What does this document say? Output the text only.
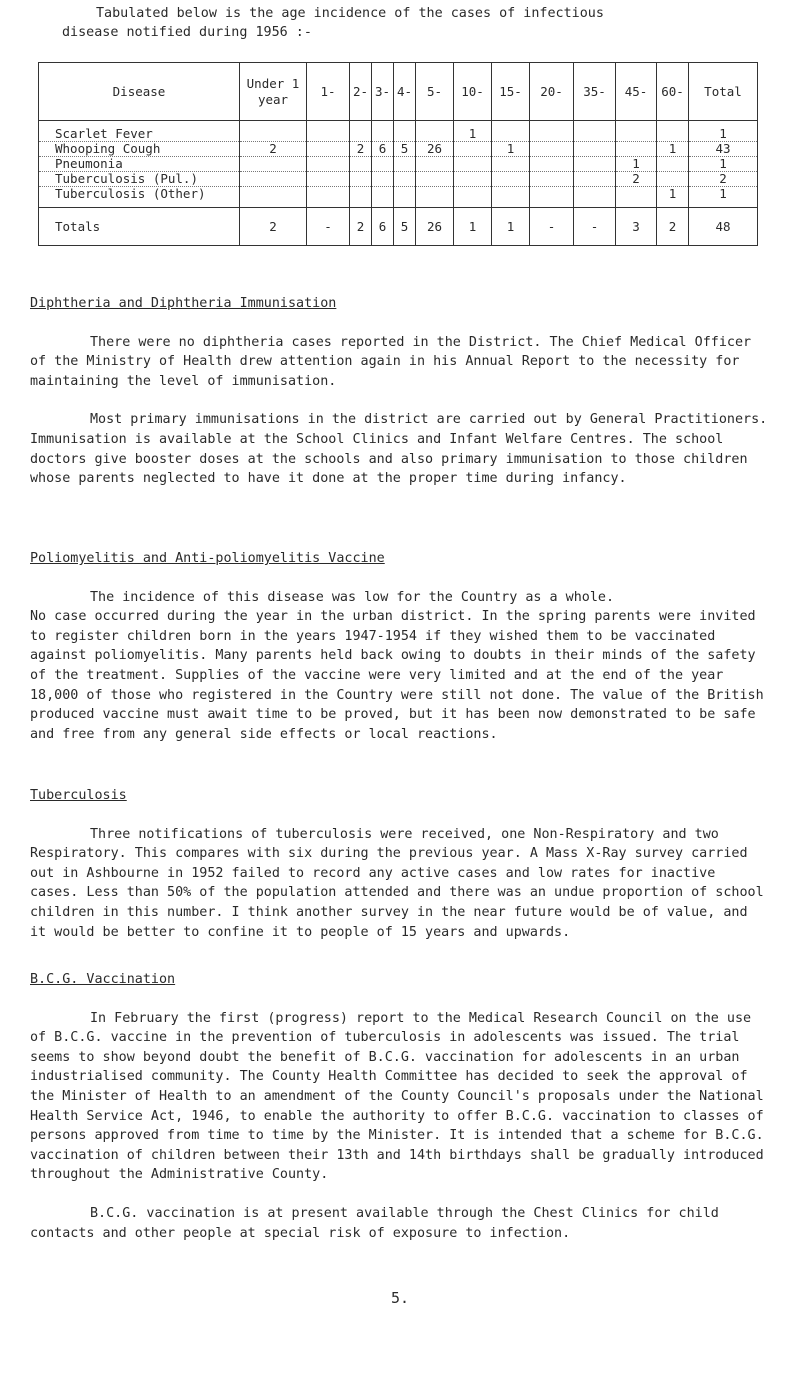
Tabulated below is the age incidence of the cases of infectious
disease notified during 1956 :-
Disease	Under 1 year	1-	2-	3-	4-	5-	10-	15-	20-	35-	45-	60-	Total
Scarlet Fever							1						1
Whooping Cough	2		2	6	5	26		1				1	43
Pneumonia											1		1
Tuberculosis (Pul.)											2		2
Tuberculosis (Other)												1	1
Totals	2	-	2	6	5	26	1	1	-	-	3	2	48

Diphtheria and Diphtheria Immunisation

There were no diphtheria cases reported in the District. The Chief Medical Officer of the Ministry of Health drew attention again in his Annual Report to the necessity for maintaining the level of immunisation.

Most primary immunisations in the district are carried out by General Practitioners. Immunisation is available at the School Clinics and Infant Welfare Centres. The school doctors give booster doses at the schools and also primary immunisation to those children whose parents neglected to have it done at the proper time during infancy.

Poliomyelitis and Anti-poliomyelitis Vaccine

The incidence of this disease was low for the Country as a whole.

No case occurred during the year in the urban district. In the spring parents were invited to register children born in the years 1947-1954 if they wished them to be vaccinated against poliomyelitis. Many parents held back owing to doubts in their minds of the safety of the treatment. Supplies of the vaccine were very limited and at the end of the year 18,000 of those who registered in the Country were still not done. The value of the British produced vaccine must await time to be proved, but it has been now demonstrated to be safe and free from any general side effects or local reactions.

Tuberculosis

Three notifications of tuberculosis were received, one Non-Respiratory and two Respiratory. This compares with six during the previous year. A Mass X-Ray survey carried out in Ashbourne in 1952 failed to record any active cases and low rates for inactive cases. Less than 50% of the population attended and there was an undue proportion of school children in this number. I think another survey in the near future would be of value, and it would be better to confine it to people of 15 years and upwards.

B.C.G. Vaccination

In February the first (progress) report to the Medical Research Council on the use of B.C.G. vaccine in the prevention of tuberculosis in adolescents was issued. The trial seems to show beyond doubt the benefit of B.C.G. vaccination for adolescents in an urban industrialised community. The County Health Committee has decided to seek the approval of the Minister of Health to an amendment of the County Council's proposals under the National Health Service Act, 1946, to enable the authority to offer B.C.G. vaccination to classes of persons approved from time to time by the Minister. It is intended that a scheme for B.C.G. vaccination of children between their 13th and 14th birthdays shall be gradually introduced throughout the Administrative County.

B.C.G. vaccination is at present available through the Chest Clinics for child contacts and other people at special risk of exposure to infection.

5.
